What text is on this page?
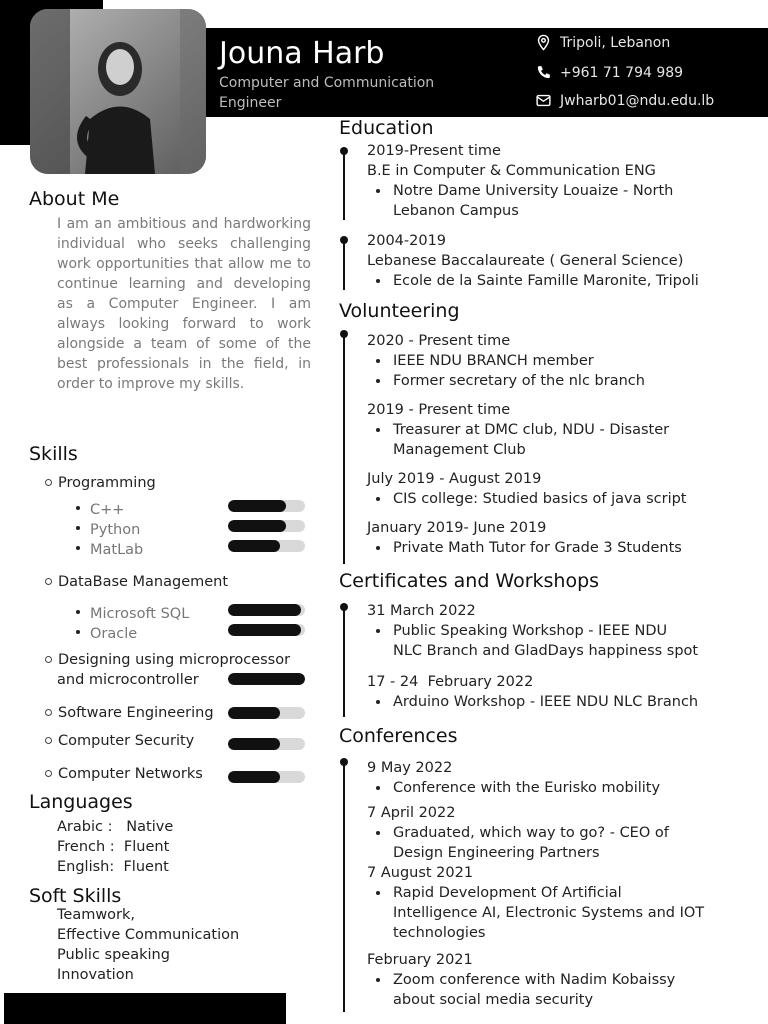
Jouna Harb
Computer and Communication Engineer
Tripoli, Lebanon
+961 71 794 989
Jwharb01@ndu.edu.lb
About Me
I am an ambitious and hardworking individual who seeks challenging work opportunities that allow me to continue learning and developing as a Computer Engineer. I am always looking forward to work alongside a team of some of the best professionals in the field, in order to improve my skills.
Skills
Programming
C++
Python
MatLab
DataBase Management
Microsoft SQL
Oracle
Designing using microprocessor
and microcontroller
Software Engineering
Computer Security
Computer Networks
Languages
Arabic :   Native
French :  Fluent
English:  Fluent
Soft Skills
Teamwork,
Effective Communication
Public speaking
Innovation
Education
2019-Present time
B.E in Computer & Communication ENG
Notre Dame University Louaize - North
Lebanon Campus
2004-2019
Lebanese Baccalaureate ( General Science)
Ecole de la Sainte Famille Maronite, Tripoli
Volunteering
2020 - Present time
IEEE NDU BRANCH member
Former secretary of the nlc branch
2019 - Present time
Treasurer at DMC club, NDU - Disaster
Management Club
July 2019 - August 2019
CIS college: Studied basics of java script
January 2019- June 2019
Private Math Tutor for Grade 3 Students
Certificates and Workshops
31 March 2022
Public Speaking Workshop - IEEE NDU
NLC Branch and GladDays happiness spot
17 - 24  February 2022
Arduino Workshop - IEEE NDU NLC Branch
Conferences
9 May 2022
Conference with the Eurisko mobility
7 April 2022
Graduated, which way to go? - CEO of
Design Engineering Partners
7 August 2021
Rapid Development Of Artificial
Intelligence AI, Electronic Systems and IOT
technologies
February 2021
Zoom conference with Nadim Kobaissy
about social media security
